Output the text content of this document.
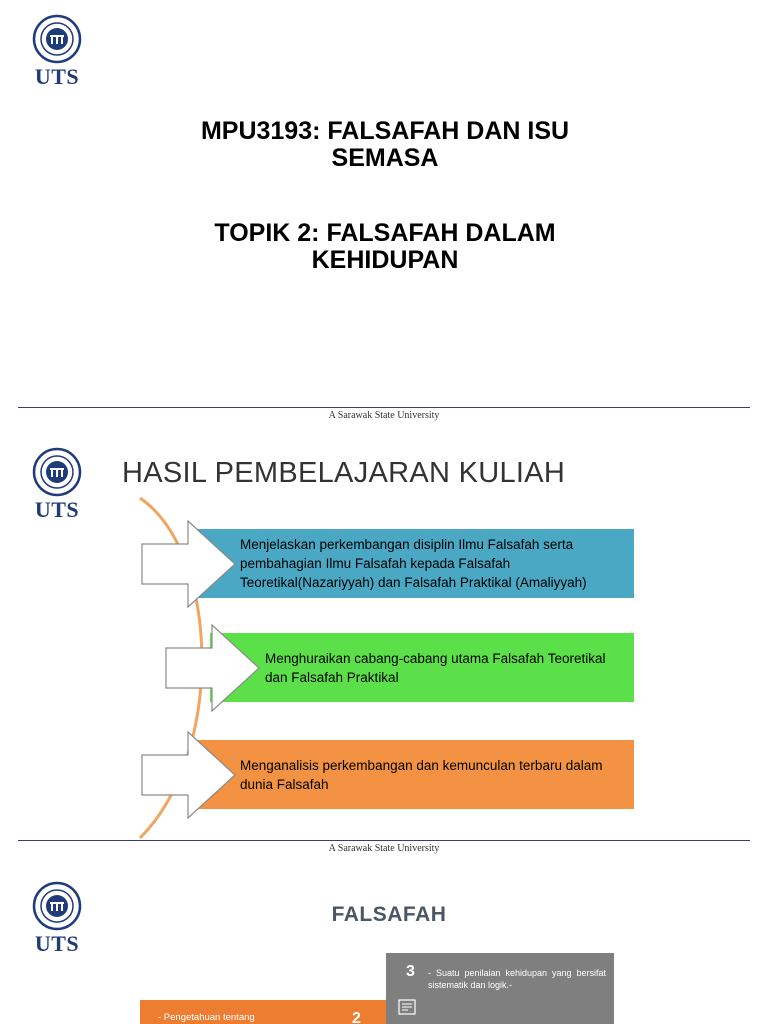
UTS
MPU3193: FALSAFAH DAN ISU
SEMASA
TOPIK 2: FALSAFAH DALAM
KEHIDUPAN
A Sarawak State University
UTS
HASIL PEMBELAJARAN KULIAH
Menjelaskan perkembangan disiplin Ilmu Falsafah serta pembahagian Ilmu Falsafah kepada Falsafah Teoretikal(Nazariyyah) dan Falsafah Praktikal (Amaliyyah)
Menghuraikan cabang-cabang utama Falsafah Teoretikal dan Falsafah Praktikal
Menganalisis perkembangan dan kemunculan terbaru dalam dunia Falsafah
A Sarawak State University
UTS
FALSAFAH
3 - Suatu penilaian kehidupan yang bersifat sistematik dan logik.-
- Pengetahuan tentang	2
